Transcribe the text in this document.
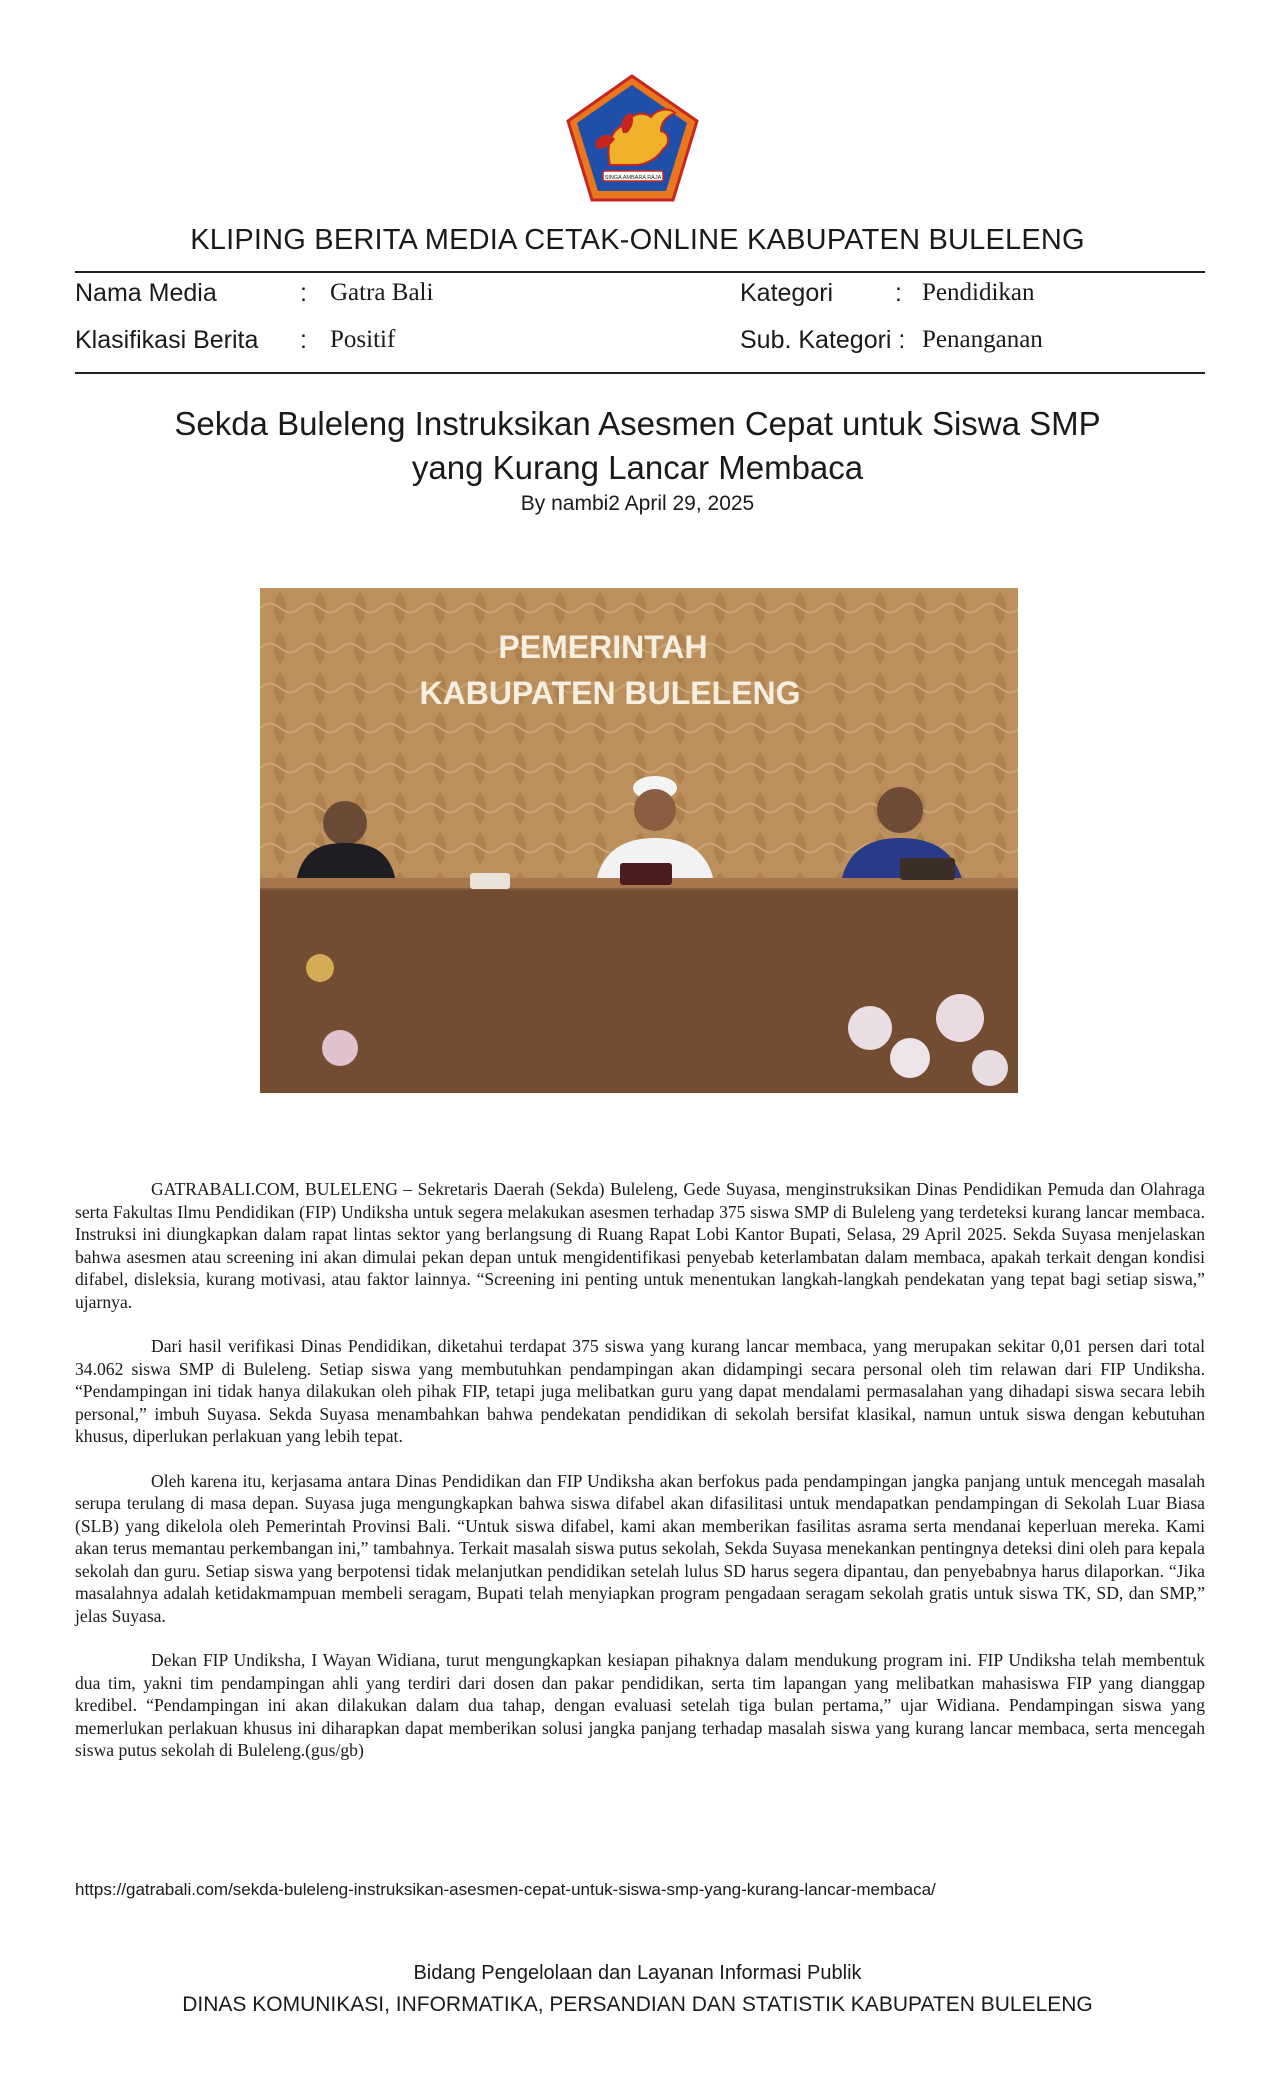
SINGA AMBARA RAJA
KLIPING BERITA MEDIA CETAK-ONLINE KABUPATEN BULELENG
Nama Media	: Gatra Bali	Kategori : Pendidikan
Klasifikasi Berita : Positif	Sub. Kategori : Penanganan
Sekda Buleleng Instruksikan Asesmen Cepat untuk Siswa SMP
yang Kurang Lancar Membaca
By nambi2 April 29, 2025
PEMERINTAH
KABUPATEN BULELENG

GATRABALI.COM, BULELENG – Sekretaris Daerah (Sekda) Buleleng, Gede Suyasa, menginstruksikan Dinas Pendidikan Pemuda dan Olahraga serta Fakultas Ilmu Pendidikan (FIP) Undiksha untuk segera melakukan asesmen terhadap 375 siswa SMP di Buleleng yang terdeteksi kurang lancar membaca. Instruksi ini diungkapkan dalam rapat lintas sektor yang berlangsung di Ruang Rapat Lobi Kantor Bupati, Selasa, 29 April 2025. Sekda Suyasa menjelaskan bahwa asesmen atau screening ini akan dimulai pekan depan untuk mengidentifikasi penyebab keterlambatan dalam membaca, apakah terkait dengan kondisi difabel, disleksia, kurang motivasi, atau faktor lainnya. “Screening ini penting untuk menentukan langkah-langkah pendekatan yang tepat bagi setiap siswa,” ujarnya.

Dari hasil verifikasi Dinas Pendidikan, diketahui terdapat 375 siswa yang kurang lancar membaca, yang merupakan sekitar 0,01 persen dari total 34.062 siswa SMP di Buleleng. Setiap siswa yang membutuhkan pendampingan akan didampingi secara personal oleh tim relawan dari FIP Undiksha. “Pendampingan ini tidak hanya dilakukan oleh pihak FIP, tetapi juga melibatkan guru yang dapat mendalami permasalahan yang dihadapi siswa secara lebih personal,” imbuh Suyasa. Sekda Suyasa menambahkan bahwa pendekatan pendidikan di sekolah bersifat klasikal, namun untuk siswa dengan kebutuhan khusus, diperlukan perlakuan yang lebih tepat.

Oleh karena itu, kerjasama antara Dinas Pendidikan dan FIP Undiksha akan berfokus pada pendampingan jangka panjang untuk mencegah masalah serupa terulang di masa depan. Suyasa juga mengungkapkan bahwa siswa difabel akan difasilitasi untuk mendapatkan pendampingan di Sekolah Luar Biasa (SLB) yang dikelola oleh Pemerintah Provinsi Bali. “Untuk siswa difabel, kami akan memberikan fasilitas asrama serta mendanai keperluan mereka. Kami akan terus memantau perkembangan ini,” tambahnya. Terkait masalah siswa putus sekolah, Sekda Suyasa menekankan pentingnya deteksi dini oleh para kepala sekolah dan guru. Setiap siswa yang berpotensi tidak melanjutkan pendidikan setelah lulus SD harus segera dipantau, dan penyebabnya harus dilaporkan. “Jika masalahnya adalah ketidakmampuan membeli seragam, Bupati telah menyiapkan program pengadaan seragam sekolah gratis untuk siswa TK, SD, dan SMP,” jelas Suyasa.

Dekan FIP Undiksha, I Wayan Widiana, turut mengungkapkan kesiapan pihaknya dalam mendukung program ini. FIP Undiksha telah membentuk dua tim, yakni tim pendampingan ahli yang terdiri dari dosen dan pakar pendidikan, serta tim lapangan yang melibatkan mahasiswa FIP yang dianggap kredibel. “Pendampingan ini akan dilakukan dalam dua tahap, dengan evaluasi setelah tiga bulan pertama,” ujar Widiana. Pendampingan siswa yang memerlukan perlakuan khusus ini diharapkan dapat memberikan solusi jangka panjang terhadap masalah siswa yang kurang lancar membaca, serta mencegah siswa putus sekolah di Buleleng.(gus/gb)

https://gatrabali.com/sekda-buleleng-instruksikan-asesmen-cepat-untuk-siswa-smp-yang-kurang-lancar-membaca/
Bidang Pengelolaan dan Layanan Informasi Publik
DINAS KOMUNIKASI, INFORMATIKA, PERSANDIAN DAN STATISTIK KABUPATEN BULELENG
